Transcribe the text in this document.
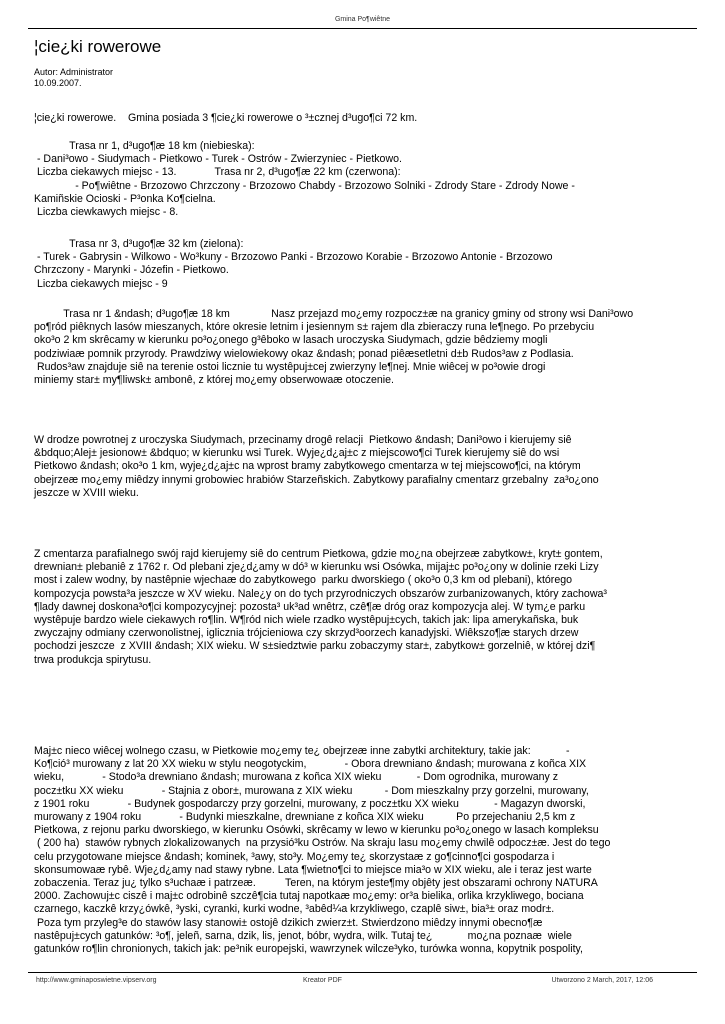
Gmina Po¶wiêtne
¦cie¿ki rowerowe
Autor: Administrator
10.09.2007.
¦cie¿ki rowerowe.    Gmina posiada 3 ¶cie¿ki rowerowe o ³±cznej d³ugo¶ci 72 km.
Trasa nr 1, d³ugo¶æ 18 km (niebieska):
- Dani³owo - Siudymach - Pietkowo - Turek - Ostrów - Zwierzyniec - Pietkowo.
Liczba ciekawych miejsc - 13.             Trasa nr 2, d³ugo¶æ 22 km (czerwona):
- Po¶wiêtne - Brzozowo Chrzczony - Brzozowo Chabdy - Brzozowo Solniki - Zdrody Stare - Zdrody Nowe -
Kamiñskie Ocioski - P³onka Ko¶cielna.
Liczba ciewkawych miejsc - 8.
Trasa nr 3, d³ugo¶æ 32 km (zielona):
- Turek - Gabrysin - Wilkowo - Wo³kuny - Brzozowo Panki - Brzozowo Korabie - Brzozowo Antonie - Brzozowo
Chrzczony - Marynki - Józefin - Pietkowo.
Liczba ciekawych miejsc - 9
Trasa nr 1 &ndash; d³ugo¶æ 18 km              Nasz przejazd mo¿emy rozpocz±æ na granicy gminy od strony wsi Dani³owo
po¶ród piêknych lasów mieszanych, które okresie letnim i jesiennym s± rajem dla zbieraczy runa le¶nego. Po przebyciu
oko³o 2 km skrêcamy w kierunku po³o¿onego g³êboko w lasach uroczyska Siudymach, gdzie bêdziemy mogli
podziwiaæ pomnik przyrody. Prawdziwy wielowiekowy okaz &ndash; ponad piêæsetletni d±b Rudos³aw z Podlasia.
Rudos³aw znajduje siê na terenie ostoi licznie tu wystêpuj±cej zwierzyny le¶nej. Mnie wiêcej w po³owie drogi
miniemy star± my¶liwsk± ambonê, z której mo¿emy obserwowaæ otoczenie.
W drodze powrotnej z uroczyska Siudymach, przecinamy drogê relacji  Pietkowo &ndash; Dani³owo i kierujemy siê
&bdquo;Alej± jesionow± &bdquo; w kierunku wsi Turek. Wyje¿d¿aj±c z miejscowo¶ci Turek kierujemy siê do wsi
Pietkowo &ndash; oko³o 1 km, wyje¿d¿aj±c na wprost bramy zabytkowego cmentarza w tej miejscowo¶ci, na którym
obejrzeæ mo¿emy miêdzy innymi grobowiec hrabiów Starzeñskich. Zabytkowy parafialny cmentarz grzebalny  za³o¿ono
jeszcze w XVIII wieku.
Z cmentarza parafialnego swój rajd kierujemy siê do centrum Pietkowa, gdzie mo¿na obejrzeæ zabytkow±, kryt± gontem,
drewnian± plebaniê z 1762 r. Od plebani zje¿d¿amy w dó³ w kierunku wsi Osówka, mijaj±c po³o¿ony w dolinie rzeki Lizy
most i zalew wodny, by nastêpnie wjechaæ do zabytkowego  parku dworskiego ( oko³o 0,3 km od plebani), którego
kompozycja powsta³a jeszcze w XV wieku. Nale¿y on do tych przyrodniczych obszarów zurbanizowanych, który zachowa³
¶lady dawnej doskona³o¶ci kompozycyjnej: pozosta³ uk³ad wnêtrz, czê¶æ dróg oraz kompozycja alej. W tym¿e parku
wystêpuje bardzo wiele ciekawych ro¶lin. W¶ród nich wiele rzadko wystêpuj±cych, takich jak: lipa amerykañska, buk
zwyczajny odmiany czerwonolistnej, iglicznia trójcieniowa czy skrzyd³oorzech kanadyjski. Wiêkszo¶æ starych drzew
pochodzi jeszcze  z XVIII &ndash; XIX wieku. W s±siedztwie parku zobaczymy star±, zabytkow± gorzelniê, w której dzi¶
trwa produkcja spirytusu.
Maj±c nieco wiêcej wolnego czasu, w Pietkowie mo¿emy te¿ obejrzeæ inne zabytki architektury, takie jak:            -
Ko¶ció³ murowany z lat 20 XX wieku w stylu neogotyckim,             - Obora drewniano &ndash; murowana z koñca XIX
wieku,             - Stodo³a drewniano &ndash; murowana z koñca XIX wieku            - Dom ogrodnika, murowany z
pocz±tku XX wieku             - Stajnia z obor±, murowana z XIX wieku           - Dom mieszkalny przy gorzelni, murowany,
z 1901 roku             - Budynek gospodarczy przy gorzelni, murowany, z pocz±tku XX wieku            - Magazyn dworski,
murowany z 1904 roku             - Budynki mieszkalne, drewniane z koñca XIX wieku           Po przejechaniu 2,5 km z
Pietkowa, z rejonu parku dworskiego, w kierunku Osówki, skrêcamy w lewo w kierunku po³o¿onego w lasach kompleksu
( 200 ha)  stawów rybnych zlokalizowanych  na przysió³ku Ostrów. Na skraju lasu mo¿emy chwilê odpocz±æ. Jest do tego
celu przygotowane miejsce &ndash; kominek, ³awy, sto³y. Mo¿emy te¿ skorzystaæ z go¶cinno¶ci gospodarza i
skonsumowaæ rybê. Wje¿d¿amy nad stawy rybne. Lata ¶wietno¶ci to miejsce mia³o w XIX wieku, ale i teraz jest warte
zobaczenia. Teraz ju¿ tylko s³uchaæ i patrzeæ.          Teren, na którym jeste¶my objêty jest obszarami ochrony NATURA
2000. Zachowuj±c ciszê i maj±c odrobinê szczê¶cia tutaj napotkaæ mo¿emy: or³a bielika, orlika krzykliwego, bociana
czarnego, kaczkê krzy¿ówkê, ³yski, cyranki, kurki wodne, ³abêd¼a krzykliwego, czaplê siw±, bia³± oraz modr±.
Poza tym przyleg³e do stawów lasy stanowi± ostojê dzikich zwierz±t. Stwierdzono miêdzy innymi obecno¶æ
nastêpuj±cych gatunków: ³o¶, jeleñ, sarna, dzik, lis, jenot, bóbr, wydra, wilk. Tutaj te¿            mo¿na poznaæ  wiele
gatunków ro¶lin chronionych, takich jak: pe³nik europejski, wawrzynek wilcze³yko, turówka wonna, kopytnik pospolity,
http://www.gminaposwietne.vipserv.org	Kreator PDF	Utworzono 2 March, 2017, 12:06
